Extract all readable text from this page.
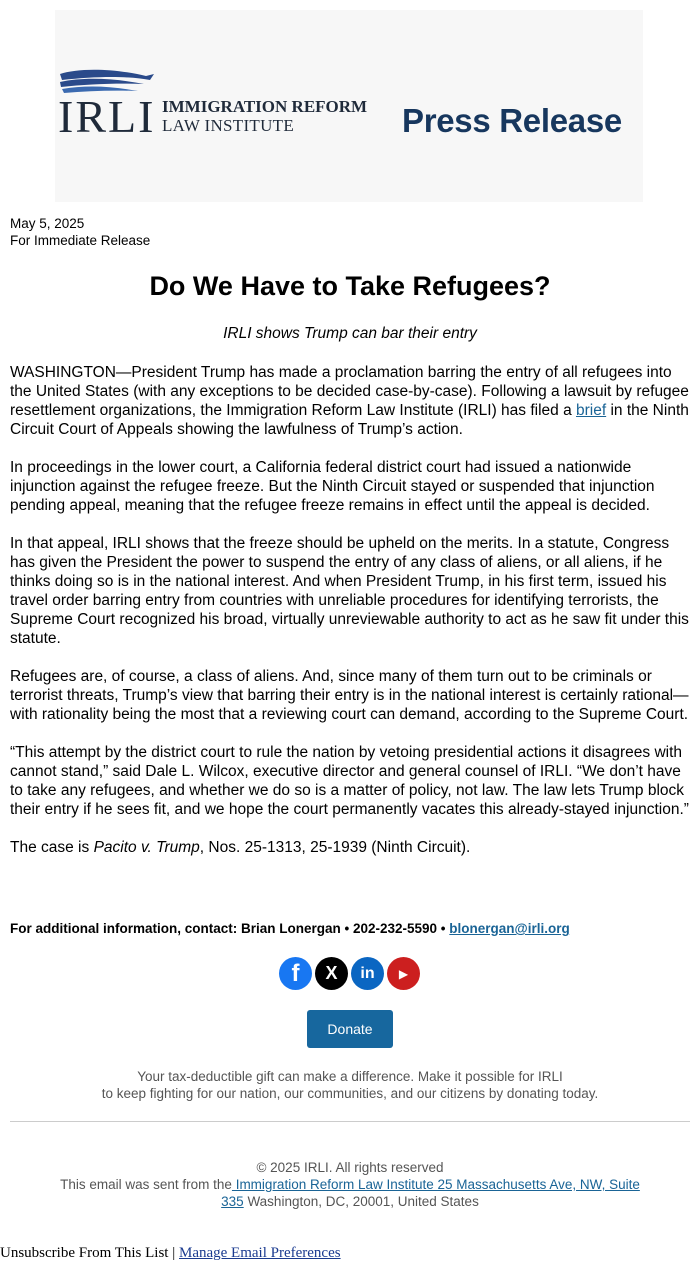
IRLI IMMIGRATION REFORM
LAW INSTITUTE	Press Release
May 5, 2025
For Immediate Release
Do We Have to Take Refugees?
IRLI shows Trump can bar their entry

WASHINGTON—President Trump has made a proclamation barring the entry of all refugees into the United States (with any exceptions to be decided case-by-case). Following a lawsuit by refugee resettlement organizations, the Immigration Reform Law Institute (IRLI) has filed a brief in the Ninth Circuit Court of Appeals showing the lawfulness of Trump’s action.

In proceedings in the lower court, a California federal district court had issued a nationwide injunction against the refugee freeze. But the Ninth Circuit stayed or suspended that injunction pending appeal, meaning that the refugee freeze remains in effect until the appeal is decided.

In that appeal, IRLI shows that the freeze should be upheld on the merits. In a statute, Congress has given the President the power to suspend the entry of any class of aliens, or all aliens, if he thinks doing so is in the national interest. And when President Trump, in his first term, issued his travel order barring entry from countries with unreliable procedures for identifying terrorists, the Supreme Court recognized his broad, virtually unreviewable authority to act as he saw fit under this statute.

Refugees are, of course, a class of aliens. And, since many of them turn out to be criminals or terrorist threats, Trump’s view that barring their entry is in the national interest is certainly rational— with rationality being the most that a reviewing court can demand, according to the Supreme Court.

“This attempt by the district court to rule the nation by vetoing presidential actions it disagrees with cannot stand,” said Dale L. Wilcox, executive director and general counsel of IRLI. “We don’t have to take any refugees, and whether we do so is a matter of policy, not law. The law lets Trump block their entry if he sees fit, and we hope the court permanently vacates this already-stayed injunction.”

The case is Pacito v. Trump, Nos. 25-1313, 25-1939 (Ninth Circuit).

For additional information, contact: Brian Lonergan • 202-232-5590 • blonergan@irli.org
f	X	in	▶
Donate
Your tax-deductible gift can make a difference. Make it possible for IRLI
to keep fighting for our nation, our communities, and our citizens by donating today.
© 2025 IRLI. All rights reserved
This email was sent from the Immigration Reform Law Institute 25 Massachusetts Ave, NW, Suite
335 Washington, DC, 20001, United States
Unsubscribe From This List | Manage Email Preferences
